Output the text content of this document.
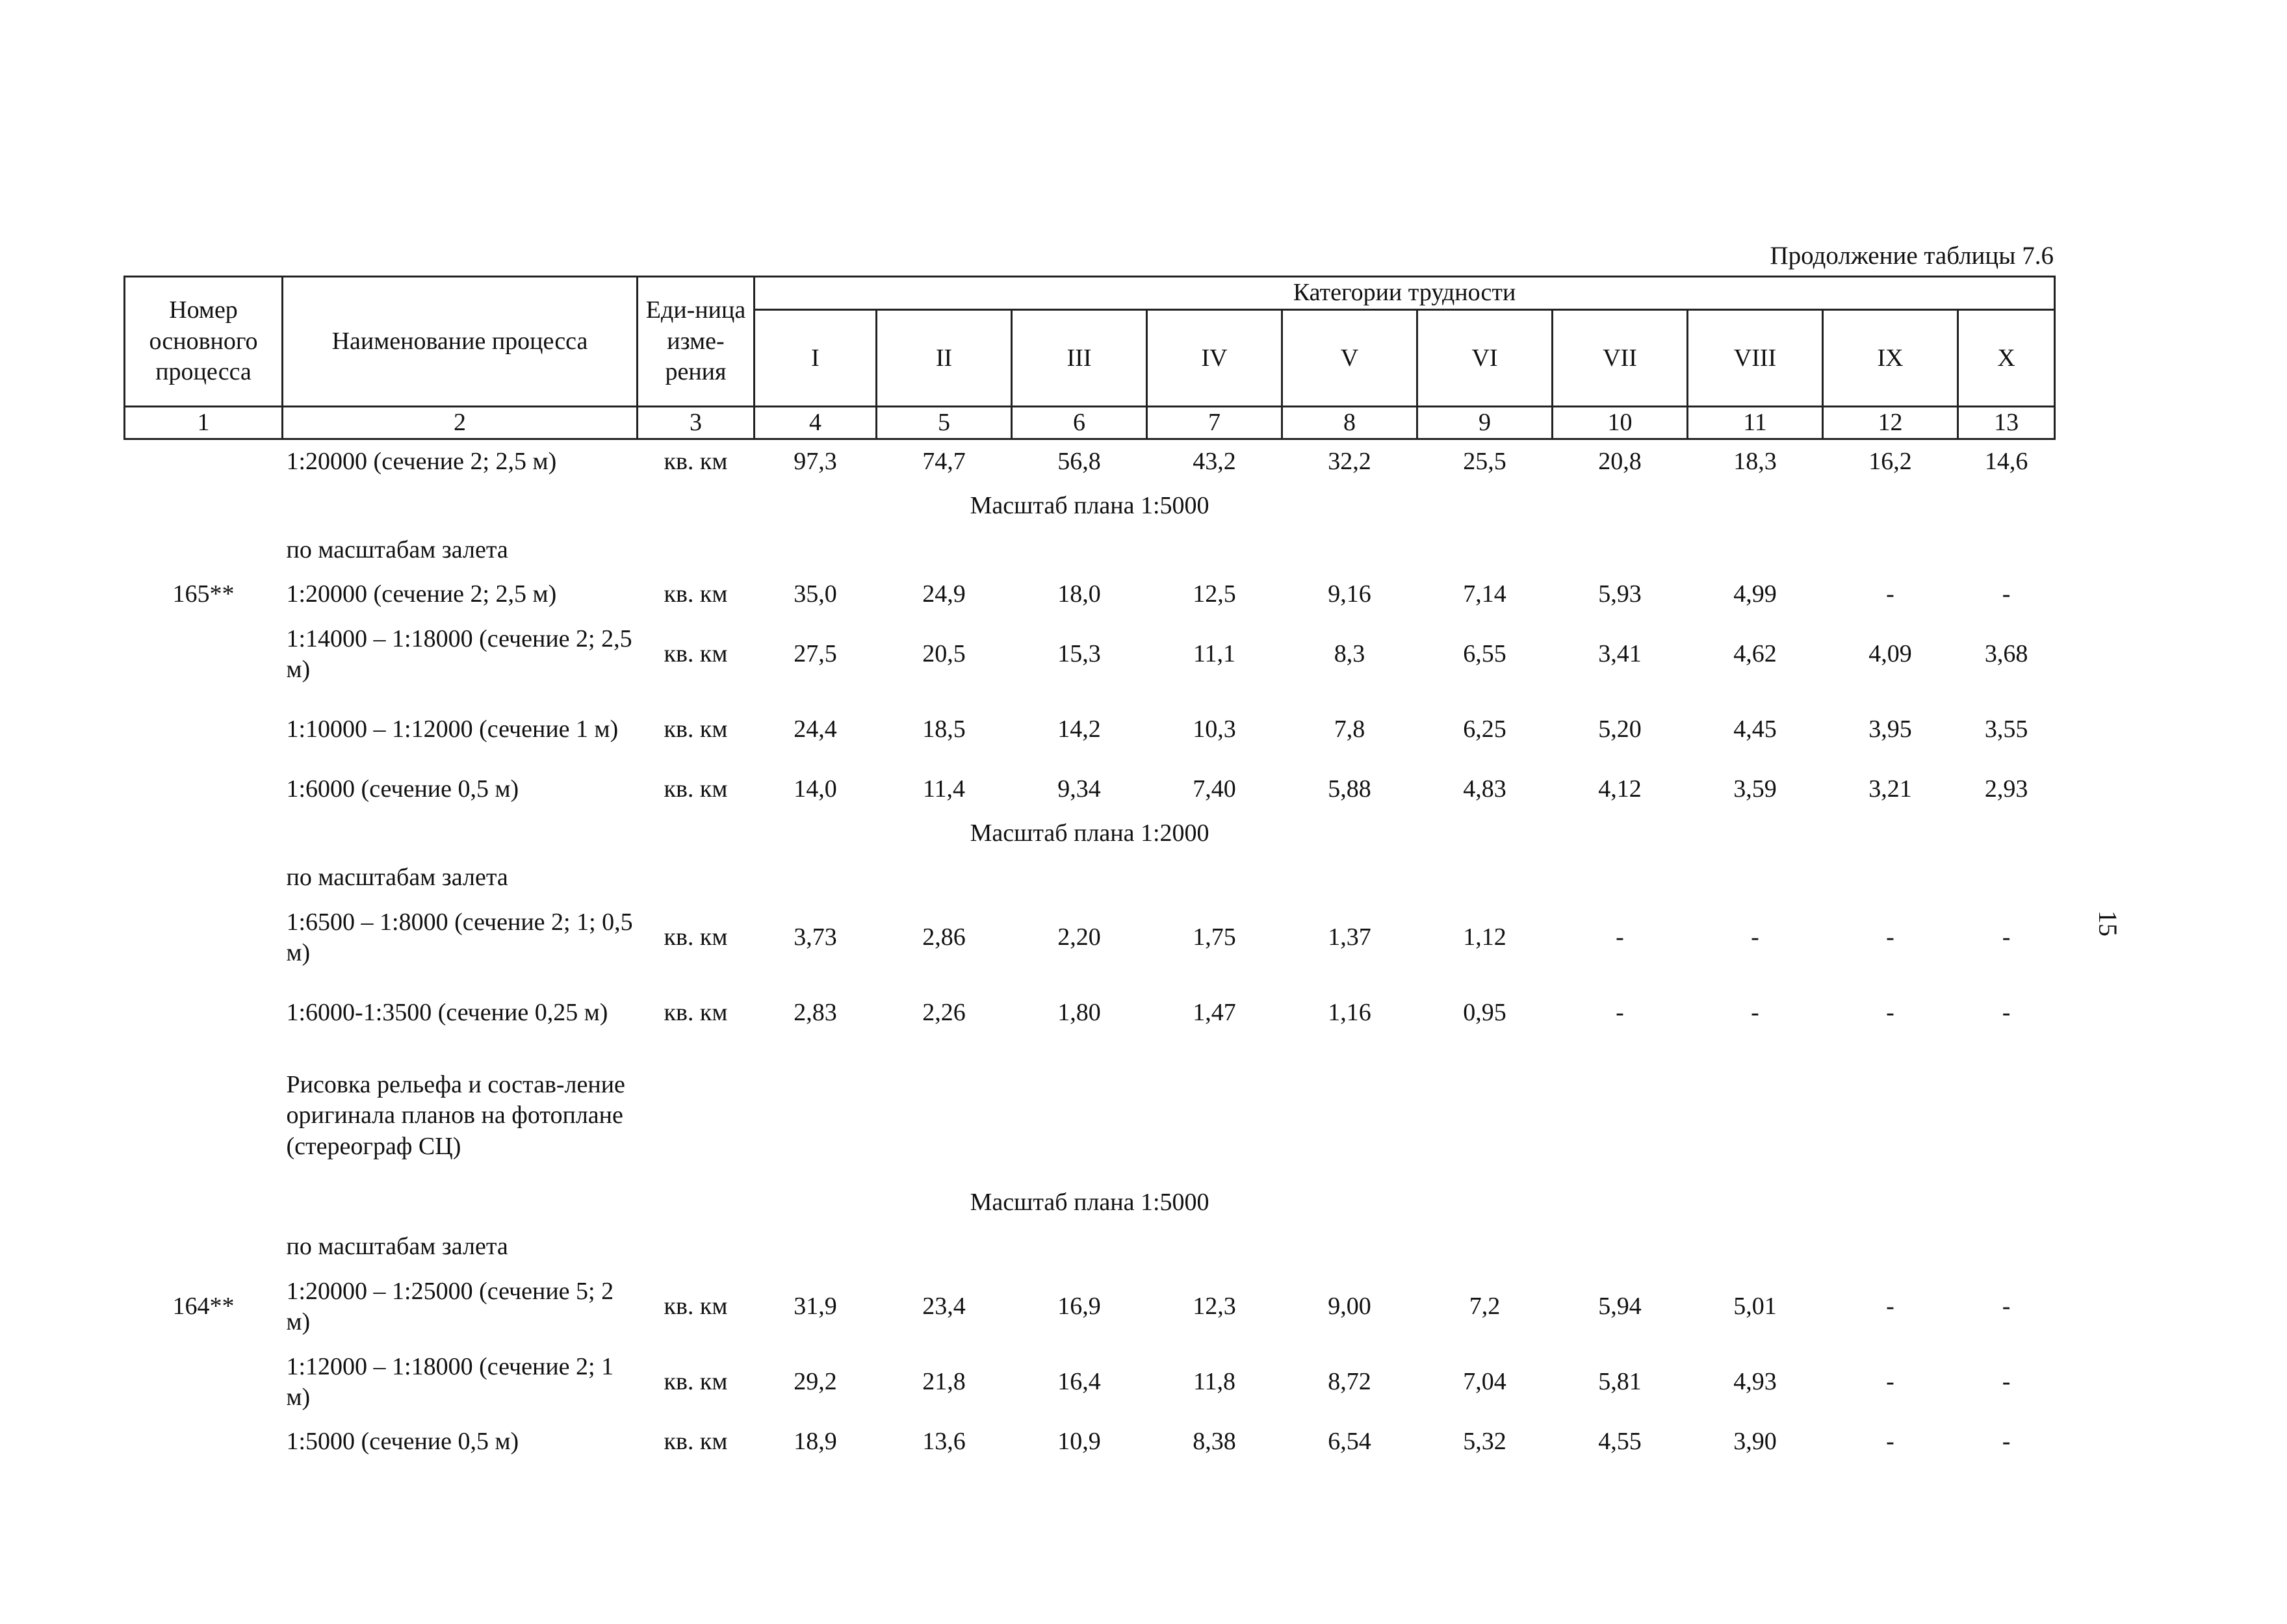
Продолжение таблицы 7.6
Номер основного процесса	Наименование процесса	Еди-ница изме-рения	Категории трудности									
			I	II	III	IV	V	VI	VII	VIII	IX	X
1	2	3	4	5	6	7	8	9	10	11	12	13
	1:20000 (сечение 2; 2,5 м)	кв. км	97,3	74,7	56,8	43,2	32,2	25,5	20,8	18,3	16,2	14,6
Масштаб плана 1:5000												
	по масштабам залета											
165**	1:20000 (сечение 2; 2,5 м)	кв. км	35,0	24,9	18,0	12,5	9,16	7,14	5,93	4,99	-	-
	1:14000 – 1:18000 (сечение 2; 2,5 м)	кв. км	27,5	20,5	15,3	11,1	8,3	6,55	3,41	4,62	4,09	3,68
	1:10000 – 1:12000 (сечение 1 м)	кв. км	24,4	18,5	14,2	10,3	7,8	6,25	5,20	4,45	3,95	3,55
	1:6000 (сечение 0,5 м)	кв. км	14,0	11,4	9,34	7,40	5,88	4,83	4,12	3,59	3,21	2,93
Масштаб плана 1:2000												
	по масштабам залета											
	1:6500 – 1:8000 (сечение 2; 1; 0,5 м)	кв. км	3,73	2,86	2,20	1,75	1,37	1,12	-	-	-	-
	1:6000-1:3500 (сечение 0,25 м)	кв. км	2,83	2,26	1,80	1,47	1,16	0,95	-	-	-	-
	Рисовка рельефа и состав-ление оригинала планов на фотоплане (стереограф СЦ)											
Масштаб плана 1:5000												
	по масштабам залета											
164**	1:20000 – 1:25000 (сечение 5; 2 м)	кв. км	31,9	23,4	16,9	12,3	9,00	7,2	5,94	5,01	-	-
	1:12000 – 1:18000 (сечение 2; 1 м)	кв. км	29,2	21,8	16,4	11,8	8,72	7,04	5,81	4,93	-	-
	1:5000 (сечение 0,5 м)	кв. км	18,9	13,6	10,9	8,38	6,54	5,32	4,55	3,90	-	-
15
